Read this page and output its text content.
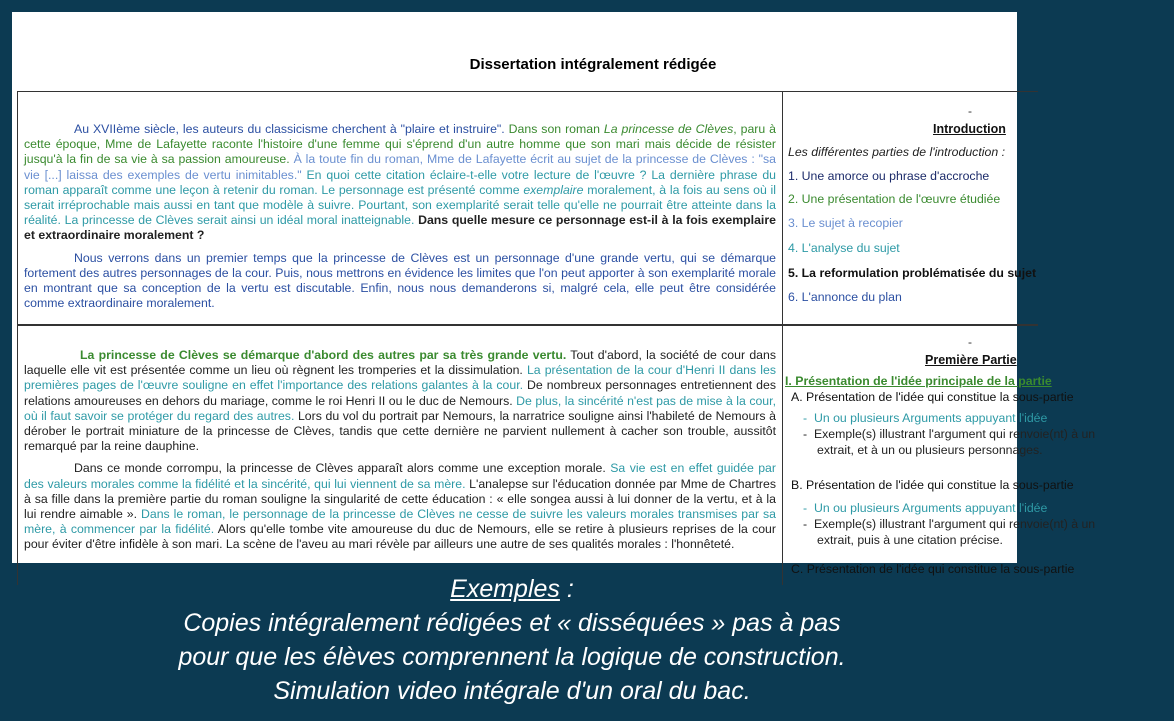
Dissertation intégralement rédigée

Au XVIIème siècle, les auteurs du classicisme cherchent à "plaire et instruire". Dans son roman La princesse de Clèves, paru à cette époque, Mme de Lafayette raconte l'histoire d'une femme qui s'éprend d'un autre homme que son mari mais décide de résister jusqu'à la fin de sa vie à sa passion amoureuse. À la toute fin du roman, Mme de Lafayette écrit au sujet de la princesse de Clèves : "sa vie [...] laissa des exemples de vertu inimitables." En quoi cette citation éclaire-t-elle votre lecture de l'œuvre ? La dernière phrase du roman apparaît comme une leçon à retenir du roman. Le personnage est présenté comme exemplaire moralement, à la fois au sens où il serait irréprochable mais aussi en tant que modèle à suivre. Pourtant, son exemplarité serait telle qu'elle ne pourrait être atteinte dans la réalité. La princesse de Clèves serait ainsi un idéal moral inatteignable. Dans quelle mesure ce personnage est-il à la fois exemplaire et extraordinaire moralement ?

Nous verrons dans un premier temps que la princesse de Clèves est un personnage d'une grande vertu, qui se démarque fortement des autres personnages de la cour. Puis, nous mettrons en évidence les limites que l'on peut apporter à son exemplarité morale en montrant que sa conception de la vertu est discutable. Enfin, nous nous demanderons si, malgré cela, elle peut être considérée comme extraordinaire moralement.

-
Introduction
Les différentes parties de l'introduction :
1. Une amorce ou phrase d'accroche
2. Une présentation de l'œuvre étudiée
3. Le sujet à recopier
4. L'analyse du sujet
5. La reformulation problématisée du sujet
6. L'annonce du plan

La princesse de Clèves se démarque d'abord des autres par sa très grande vertu. Tout d'abord, la société de cour dans laquelle elle vit est présentée comme un lieu où règnent les tromperies et la dissimulation. La présentation de la cour d'Henri II dans les premières pages de l'œuvre souligne en effet l'importance des relations galantes à la cour. De nombreux personnages entretiennent des relations amoureuses en dehors du mariage, comme le roi Henri II ou le duc de Nemours. De plus, la sincérité n'est pas de mise à la cour, où il faut savoir se protéger du regard des autres. Lors du vol du portrait par Nemours, la narratrice souligne ainsi l'habileté de Nemours à dérober le portrait miniature de la princesse de Clèves, tandis que cette dernière ne parvient nullement à cacher son trouble, aussitôt remarqué par la reine dauphine.

Dans ce monde corrompu, la princesse de Clèves apparaît alors comme une exception morale. Sa vie est en effet guidée par des valeurs morales comme la fidélité et la sincérité, qui lui viennent de sa mère. L'analepse sur l'éducation donnée par Mme de Chartres à sa fille dans la première partie du roman souligne la singularité de cette éducation : « elle songea aussi à lui donner de la vertu, et à la lui rendre aimable ». Dans le roman, le personnage de la princesse de Clèves ne cesse de suivre les valeurs morales transmises par sa mère, à commencer par la fidélité. Alors qu'elle tombe vite amoureuse du duc de Nemours, elle se retire à plusieurs reprises de la cour pour éviter d'être infidèle à son mari. La scène de l'aveu au mari révèle par ailleurs une autre de ses qualités morales : l'honnêteté.

-
Première Partie
I. Présentation de l'idée principale de la partie
A. Présentation de l'idée qui constitue la sous-partie
-  Un ou plusieurs Arguments appuyant l'idée
-  Exemple(s) illustrant l'argument qui renvoie(nt) à un
extrait, et à un ou plusieurs personnages.
B. Présentation de l'idée qui constitue la sous-partie
-  Un ou plusieurs Arguments appuyant l'idée
-  Exemple(s) illustrant l'argument qui renvoie(nt) à un
extrait, puis à une citation précise.
C. Présentation de l'idée qui constitue la sous-partie
Exemples :
Copies intégralement rédigées et « disséquées » pas à pas
pour que les élèves comprennent la logique de construction.
Simulation video intégrale d'un oral du bac.
